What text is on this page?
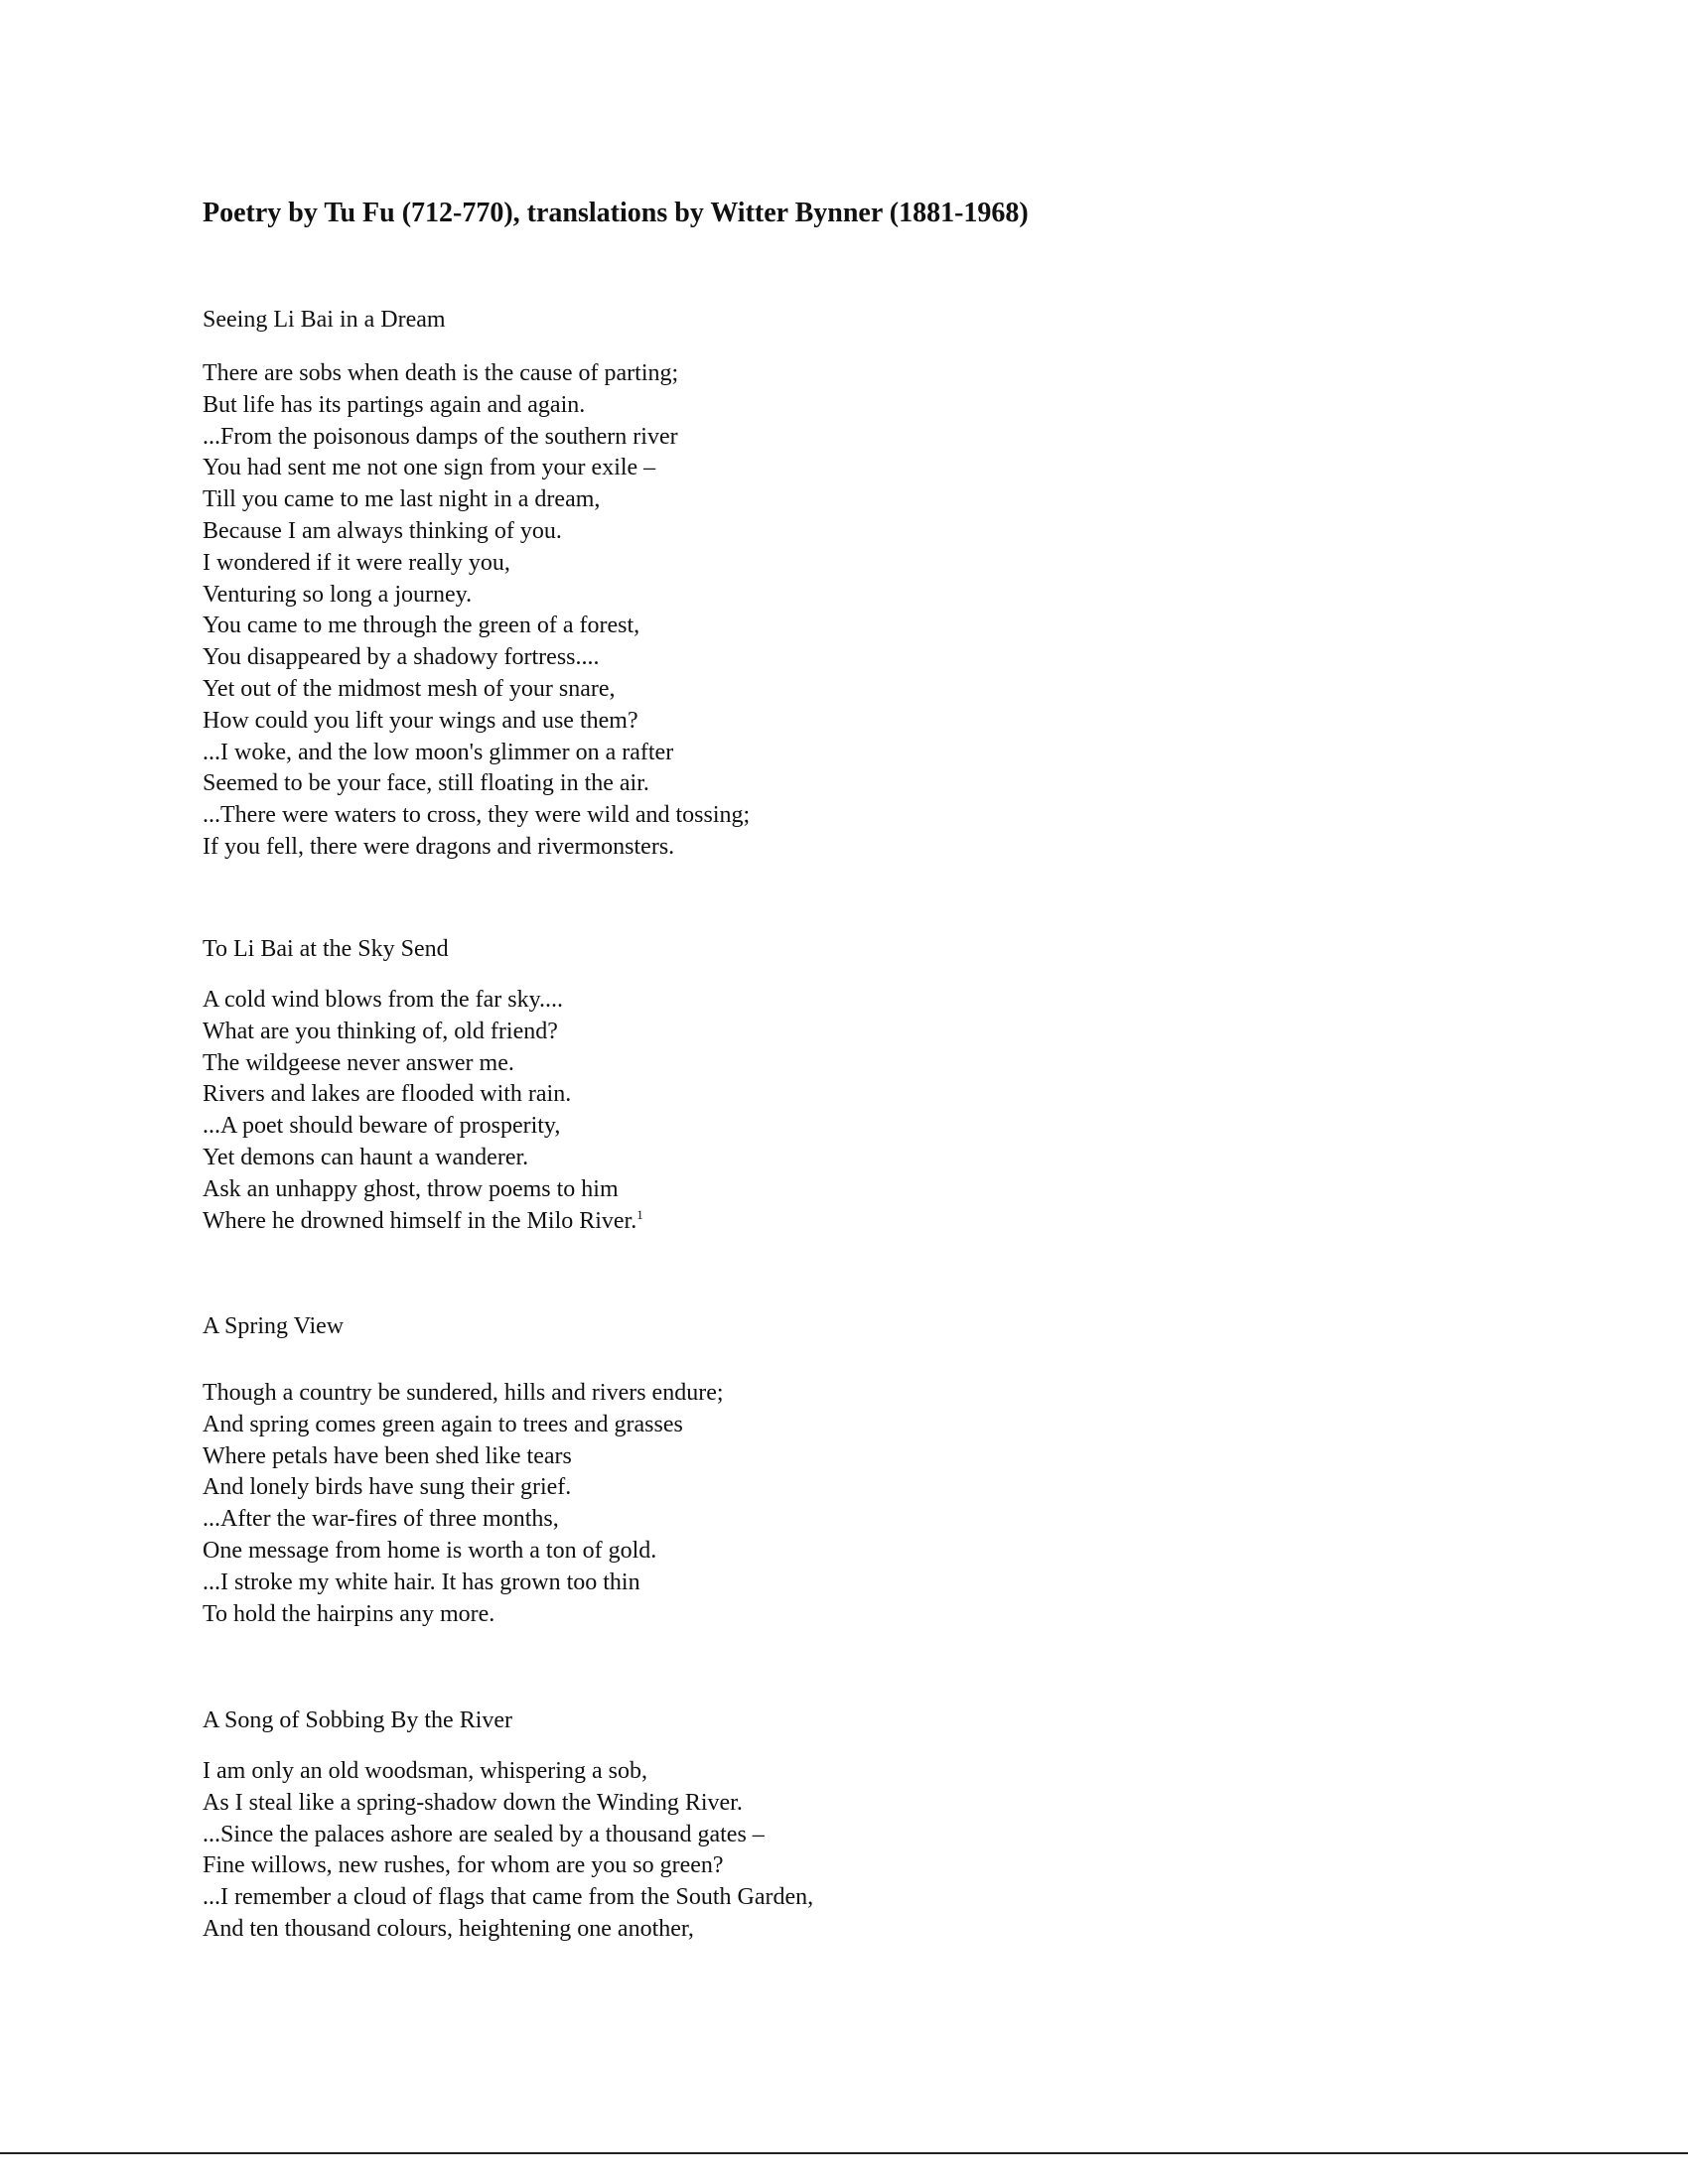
Poetry by Tu Fu (712-770), translations by Witter Bynner (1881-1968)
Seeing Li Bai in a Dream
There are sobs when death is the cause of parting;
But life has its partings again and again.
...From the poisonous damps of the southern river
You had sent me not one sign from your exile –
Till you came to me last night in a dream,
Because I am always thinking of you.
I wondered if it were really you,
Venturing so long a journey.
You came to me through the green of a forest,
You disappeared by a shadowy fortress....
Yet out of the midmost mesh of your snare,
How could you lift your wings and use them?
...I woke, and the low moon's glimmer on a rafter
Seemed to be your face, still floating in the air.
...There were waters to cross, they were wild and tossing;
If you fell, there were dragons and rivermonsters.
To Li Bai at the Sky Send
A cold wind blows from the far sky....
What are you thinking of, old friend?
The wildgeese never answer me.
Rivers and lakes are flooded with rain.
...A poet should beware of prosperity,
Yet demons can haunt a wanderer.
Ask an unhappy ghost, throw poems to him
Where he drowned himself in the Milo River.$^1$
A Spring View
Though a country be sundered, hills and rivers endure;
And spring comes green again to trees and grasses
Where petals have been shed like tears
And lonely birds have sung their grief.
...After the war-fires of three months,
One message from home is worth a ton of gold.
...I stroke my white hair. It has grown too thin
To hold the hairpins any more.
A Song of Sobbing By the River
I am only an old woodsman, whispering a sob,
As I steal like a spring-shadow down the Winding River.
...Since the palaces ashore are sealed by a thousand gates –
Fine willows, new rushes, for whom are you so green?
...I remember a cloud of flags that came from the South Garden,
And ten thousand colours, heightening one another,
